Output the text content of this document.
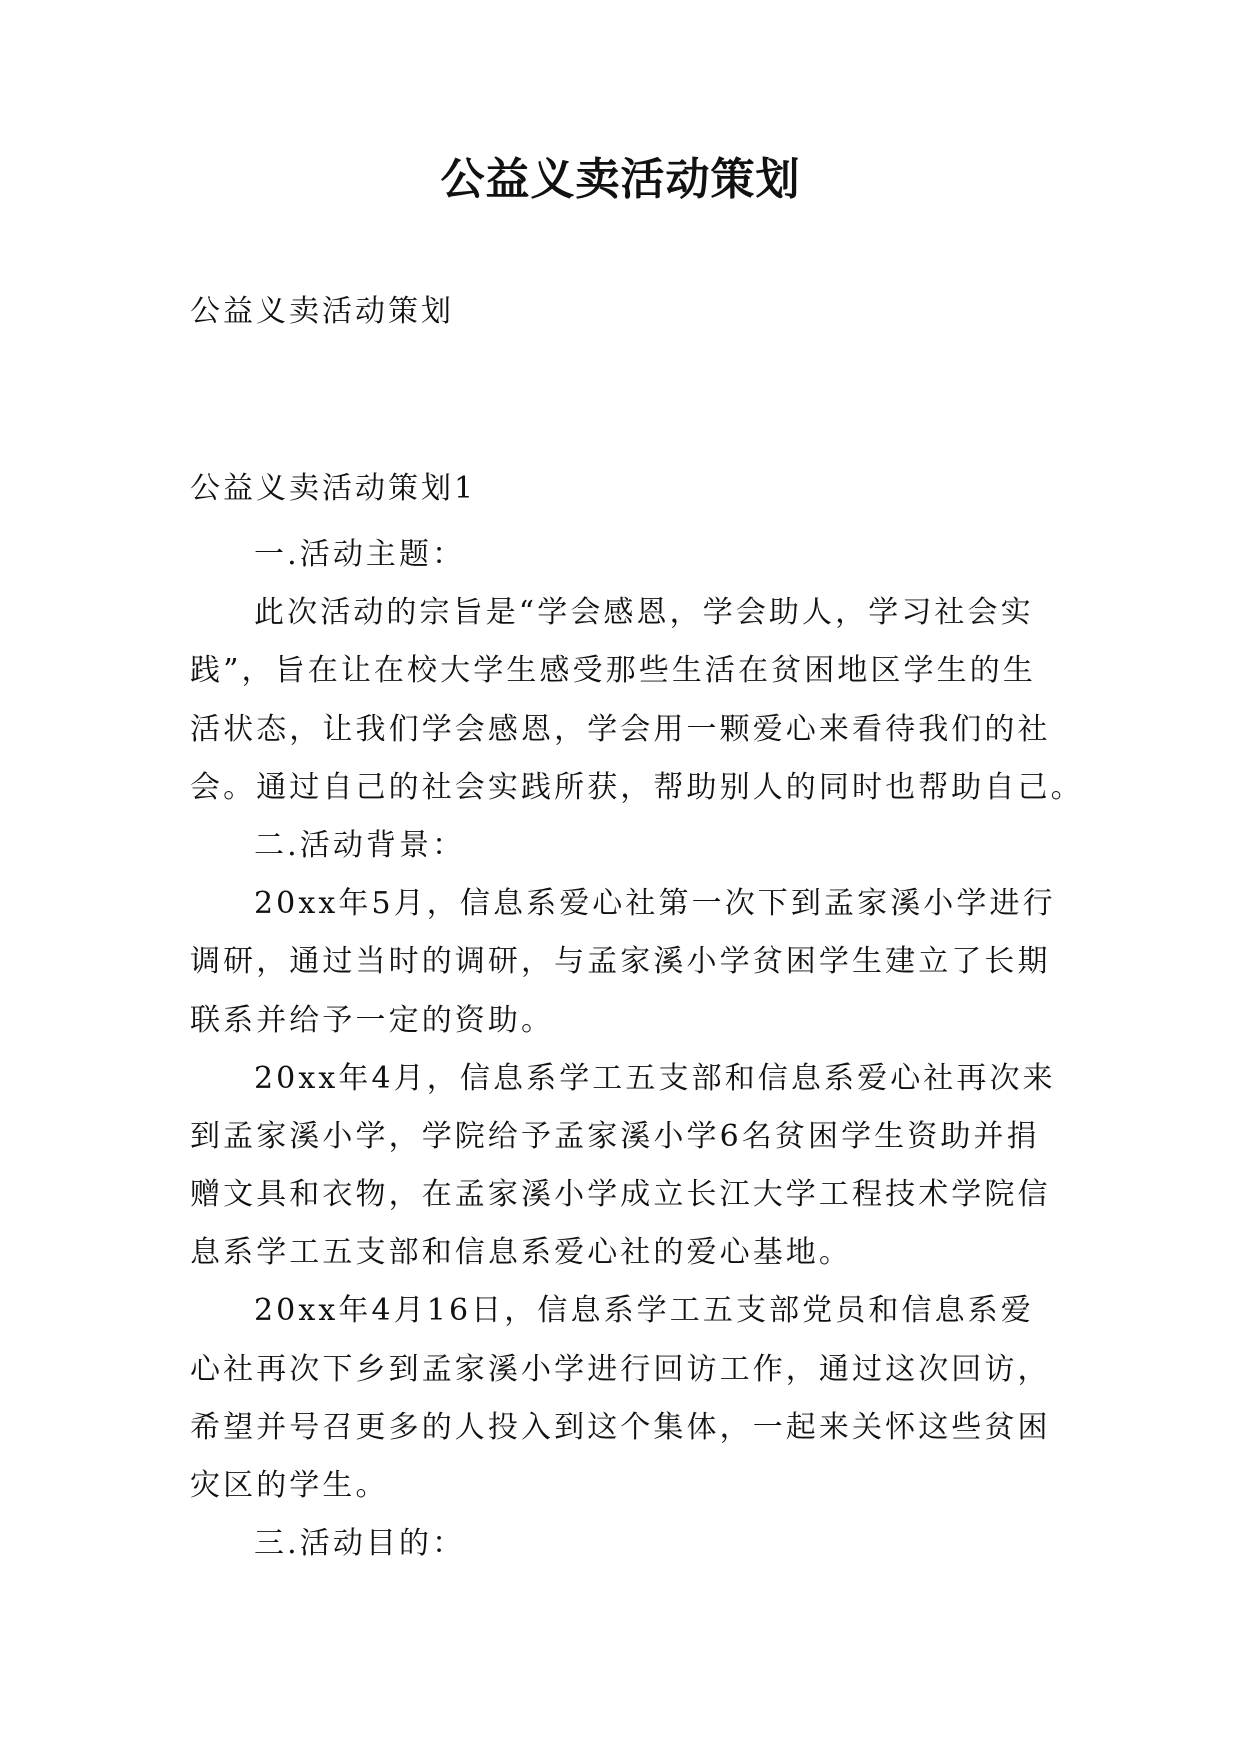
公益义卖活动策划
公益义卖活动策划
公益义卖活动策划1
一.活动主题：
此次活动的宗旨是“学会感恩，学会助人，学习社会实
践”，旨在让在校大学生感受那些生活在贫困地区学生的生
活状态，让我们学会感恩，学会用一颗爱心来看待我们的社
会。通过自己的社会实践所获，帮助别人的同时也帮助自己。
二.活动背景：
20xx年5月，信息系爱心社第一次下到孟家溪小学进行
调研，通过当时的调研，与孟家溪小学贫困学生建立了长期
联系并给予一定的资助。
20xx年4月，信息系学工五支部和信息系爱心社再次来
到孟家溪小学，学院给予孟家溪小学6名贫困学生资助并捐
赠文具和衣物，在孟家溪小学成立长江大学工程技术学院信
息系学工五支部和信息系爱心社的爱心基地。
20xx年4月16日，信息系学工五支部党员和信息系爱
心社再次下乡到孟家溪小学进行回访工作，通过这次回访，
希望并号召更多的人投入到这个集体，一起来关怀这些贫困
灾区的学生。
三.活动目的：
